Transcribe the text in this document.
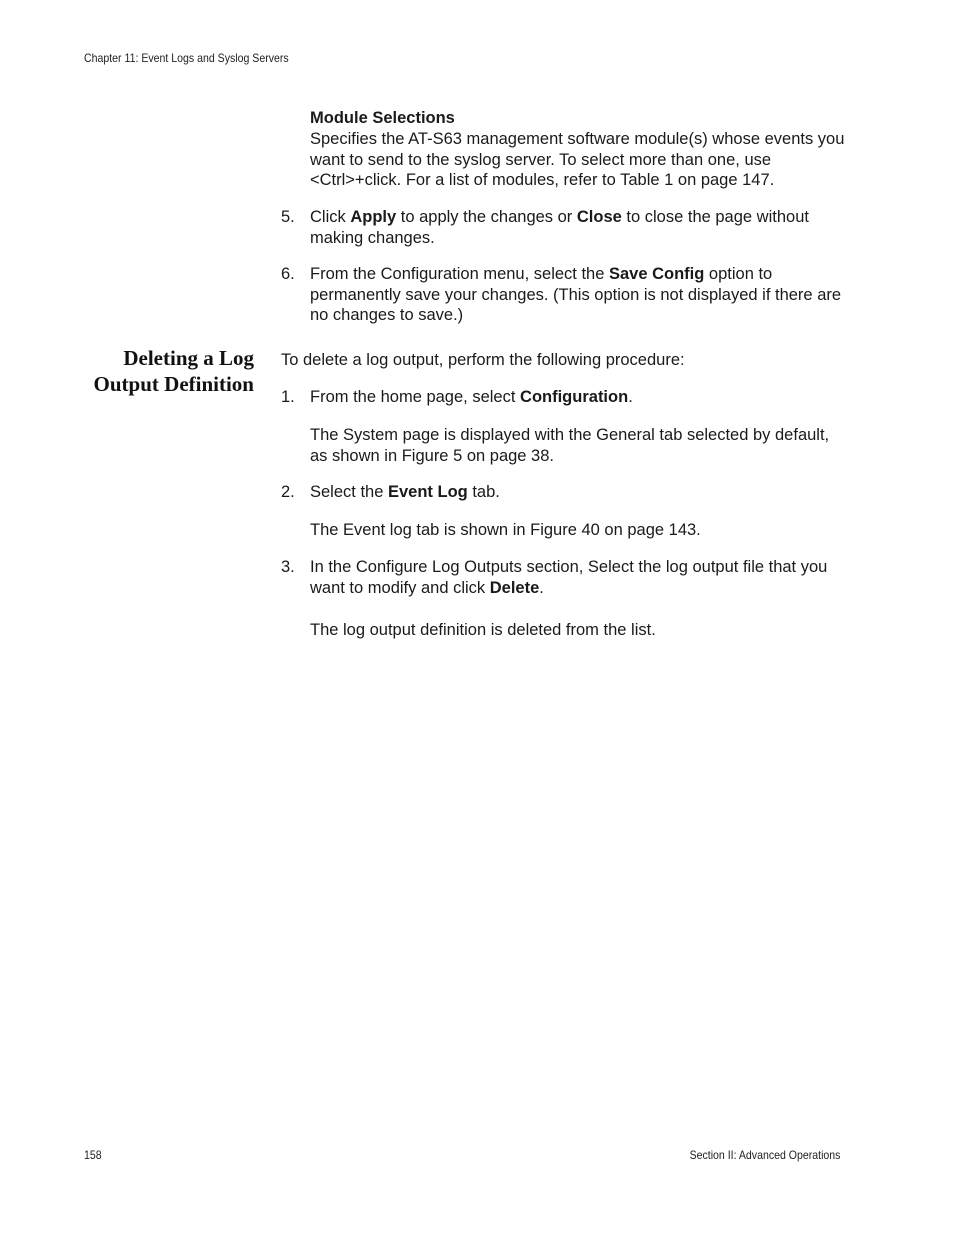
Chapter 11: Event Logs and Syslog Servers
Module Selections
Specifies the AT-S63 management software module(s) whose events you want to send to the syslog server. To select more than one, use <Ctrl>+click. For a list of modules, refer to Table 1 on page 147.
5. Click Apply to apply the changes or Close to close the page without making changes.
6. From the Configuration menu, select the Save Config option to permanently save your changes. (This option is not displayed if there are no changes to save.)
Deleting a Log
Output Definition
To delete a log output, perform the following procedure:
1. From the home page, select Configuration.
The System page is displayed with the General tab selected by default, as shown in Figure 5 on page 38.
2. Select the Event Log tab.
The Event log tab is shown in Figure 40 on page 143.
3. In the Configure Log Outputs section, Select the log output file that you want to modify and click Delete.
The log output definition is deleted from the list.
158	Section II: Advanced Operations
